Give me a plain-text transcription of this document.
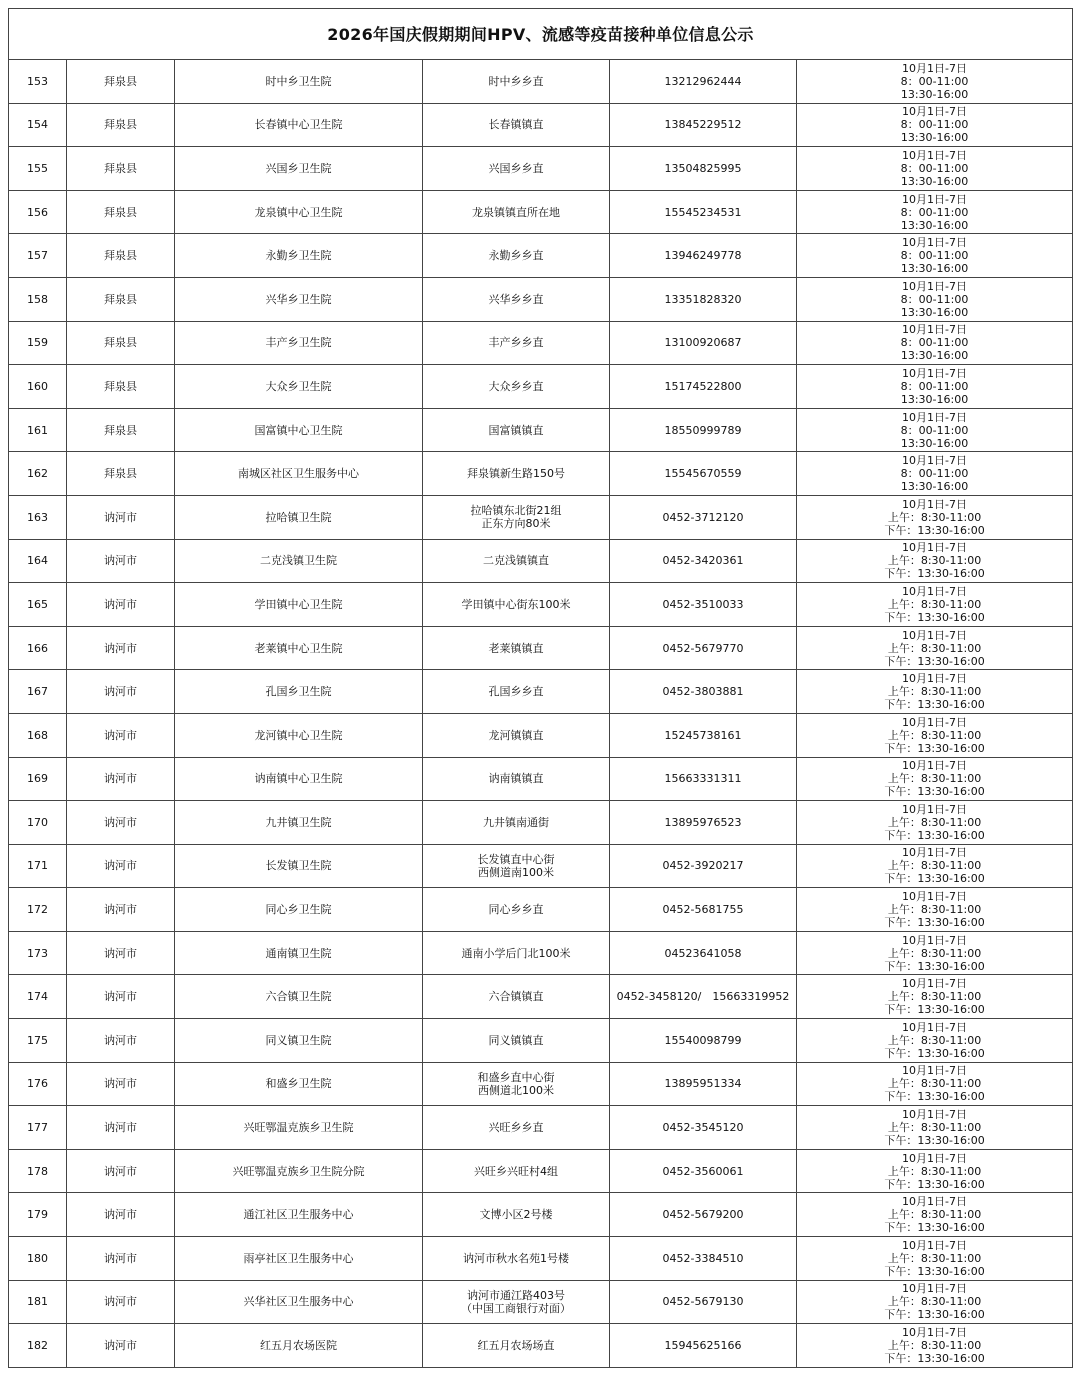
2026年国庆假期期间HPV、流感等疫苗接种单位信息公示					
153	拜泉县	时中乡卫生院	时中乡乡直	13212962444	10月1日-7日
8：00-11:00
13:30-16:00

154	拜泉县	长春镇中心卫生院	长春镇镇直	13845229512	10月1日-7日
8：00-11:00
13:30-16:00

155	拜泉县	兴国乡卫生院	兴国乡乡直	13504825995	10月1日-7日
8：00-11:00
13:30-16:00

156	拜泉县	龙泉镇中心卫生院	龙泉镇镇直所在地	15545234531	10月1日-7日
8：00-11:00
13:30-16:00

157	拜泉县	永勤乡卫生院	永勤乡乡直	13946249778	10月1日-7日
8：00-11:00
13:30-16:00

158	拜泉县	兴华乡卫生院	兴华乡乡直	13351828320	10月1日-7日
8：00-11:00
13:30-16:00

159	拜泉县	丰产乡卫生院	丰产乡乡直	13100920687	10月1日-7日
8：00-11:00
13:30-16:00

160	拜泉县	大众乡卫生院	大众乡乡直	15174522800	10月1日-7日
8：00-11:00
13:30-16:00

161	拜泉县	国富镇中心卫生院	国富镇镇直	18550999789	10月1日-7日
8：00-11:00
13:30-16:00

162	拜泉县	南城区社区卫生服务中心	拜泉镇新生路150号	15545670559	10月1日-7日
8：00-11:00
13:30-16:00

163	讷河市	拉哈镇卫生院	拉哈镇东北街21组
正东方向80米	0452-3712120	10月1日-7日
上午：8:30-11:00
下午：13:30-16:00

164	讷河市	二克浅镇卫生院	二克浅镇镇直	0452-3420361	10月1日-7日
上午：8:30-11:00
下午：13:30-16:00

165	讷河市	学田镇中心卫生院	学田镇中心街东100米	0452-3510033	10月1日-7日
上午：8:30-11:00
下午：13:30-16:00

166	讷河市	老莱镇中心卫生院	老莱镇镇直	0452-5679770	10月1日-7日
上午：8:30-11:00
下午：13:30-16:00

167	讷河市	孔国乡卫生院	孔国乡乡直	0452-3803881	10月1日-7日
上午：8:30-11:00
下午：13:30-16:00

168	讷河市	龙河镇中心卫生院	龙河镇镇直	15245738161	10月1日-7日
上午：8:30-11:00
下午：13:30-16:00

169	讷河市	讷南镇中心卫生院	讷南镇镇直	15663331311	10月1日-7日
上午：8:30-11:00
下午：13:30-16:00

170	讷河市	九井镇卫生院	九井镇南通街	13895976523	10月1日-7日
上午：8:30-11:00
下午：13:30-16:00

171	讷河市	长发镇卫生院	长发镇直中心街
西侧道南100米	0452-3920217	10月1日-7日
上午：8:30-11:00
下午：13:30-16:00

172	讷河市	同心乡卫生院	同心乡乡直	0452-5681755	10月1日-7日
上午：8:30-11:00
下午：13:30-16:00

173	讷河市	通南镇卫生院	通南小学后门北100米	04523641058	10月1日-7日
上午：8:30-11:00
下午：13:30-16:00

174	讷河市	六合镇卫生院	六合镇镇直	0452-3458120/　15663319952	10月1日-7日
上午：8:30-11:00
下午：13:30-16:00

175	讷河市	同义镇卫生院	同义镇镇直	15540098799	10月1日-7日
上午：8:30-11:00
下午：13:30-16:00

176	讷河市	和盛乡卫生院	和盛乡直中心街
西侧道北100米	13895951334	10月1日-7日
上午：8:30-11:00
下午：13:30-16:00

177	讷河市	兴旺鄂温克族乡卫生院	兴旺乡乡直	0452-3545120	10月1日-7日
上午：8:30-11:00
下午：13:30-16:00

178	讷河市	兴旺鄂温克族乡卫生院分院	兴旺乡兴旺村4组	0452-3560061	10月1日-7日
上午：8:30-11:00
下午：13:30-16:00

179	讷河市	通江社区卫生服务中心	文博小区2号楼	0452-5679200	10月1日-7日
上午：8:30-11:00
下午：13:30-16:00

180	讷河市	雨亭社区卫生服务中心	讷河市秋水名苑1号楼	0452-3384510	10月1日-7日
上午：8:30-11:00
下午：13:30-16:00

181	讷河市	兴华社区卫生服务中心	讷河市通江路403号
（中国工商银行对面）	0452-5679130	10月1日-7日
上午：8:30-11:00
下午：13:30-16:00

182	讷河市	红五月农场医院	红五月农场场直	15945625166	10月1日-7日
上午：8:30-11:00
下午：13:30-16:00
